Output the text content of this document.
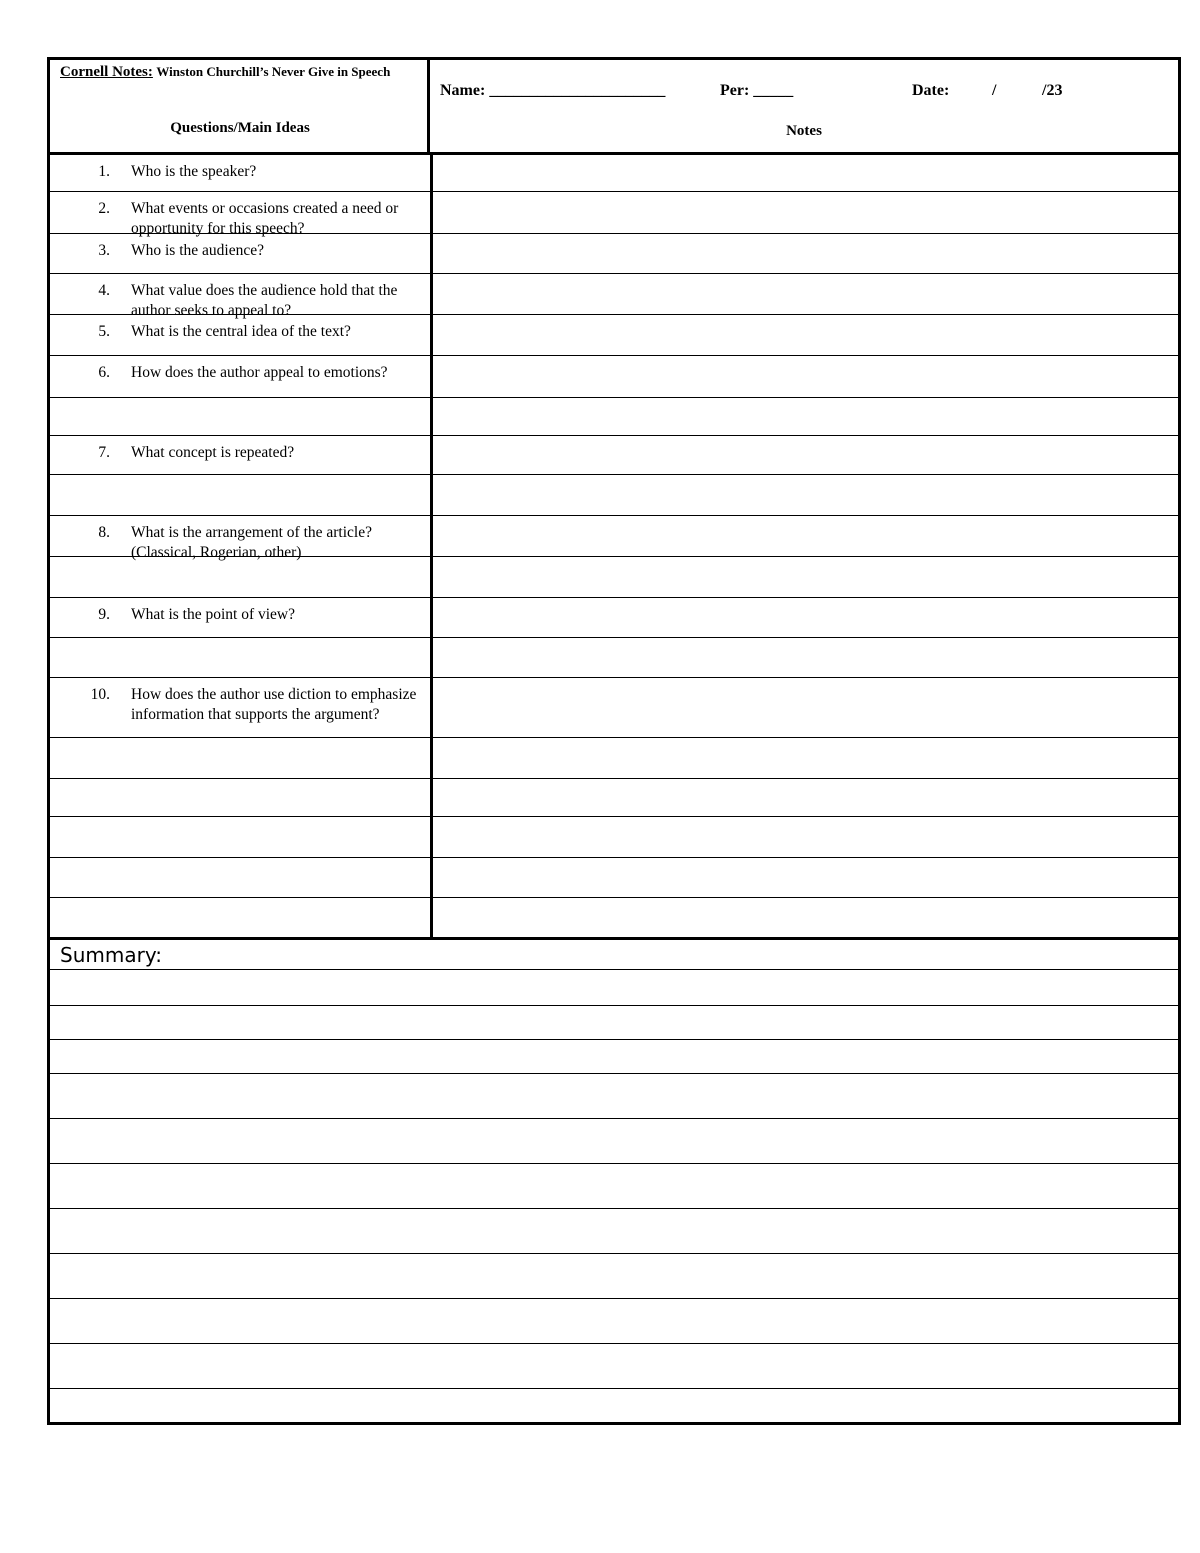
Cornell Notes: Winston Churchill’s Never Give in Speech
Questions/Main Ideas
Name: ______________________	Per: _____	Date:	/	/23
Notes
1. Who is the speaker?
2. What events or occasions created a need or opportunity for this speech?
3. Who is the audience?
4. What value does the audience hold that the author seeks to appeal to?
5. What is the central idea of the text?
6. How does the author appeal to emotions?
7. What concept is repeated?
8. What is the arrangement of the article? (Classical, Rogerian, other)
9. What is the point of view?
10. How does the author use diction to emphasize information that supports the argument?
Summary:
